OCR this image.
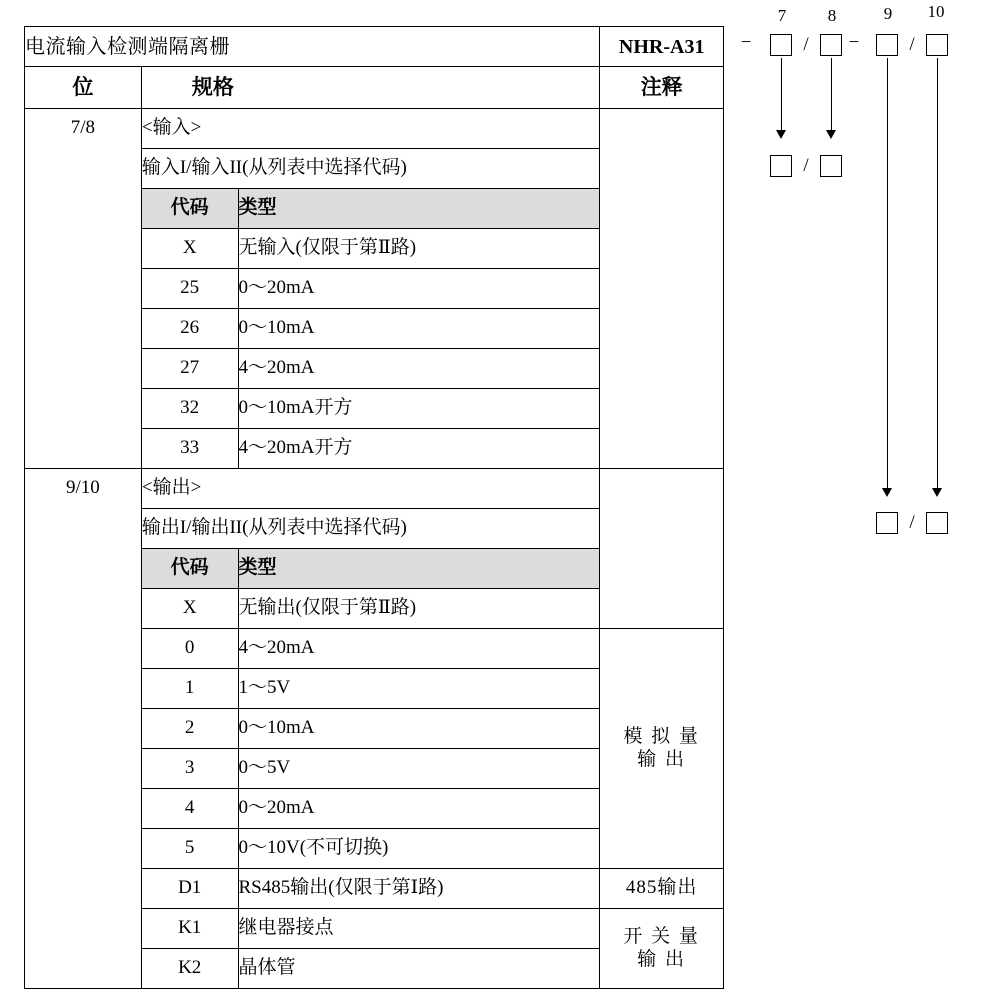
电流输入检测端隔离栅			NHR-A31
位	规格		注释
7/8	<输入>		
	输入I/输入II(从列表中选择代码)		
	代码	类型	
	X	无输入(仅限于第Ⅱ路)	
	25	0～20mA	
	26	0～10mA	
	27	4～20mA	
	32	0～10mA开方	
	33	4～20mA开方	
9/10	<输出>		
	输出I/输出II(从列表中选择代码)		
	代码	类型	
	X	无输出(仅限于第Ⅱ路)	
	0	4～20mA	模 拟 量
输 出

	1	1～5V	
	2	0～10mA	
	3	0～5V	
	4	0～20mA	
	5	0～10V(不可切换)	
	D1	RS485输出(仅限于第Ⅰ路)	485输出
	K1	继电器接点	开 关 量
输 出

	K2	晶体管	
7	8	9	10
−	/ −	/
/
/
